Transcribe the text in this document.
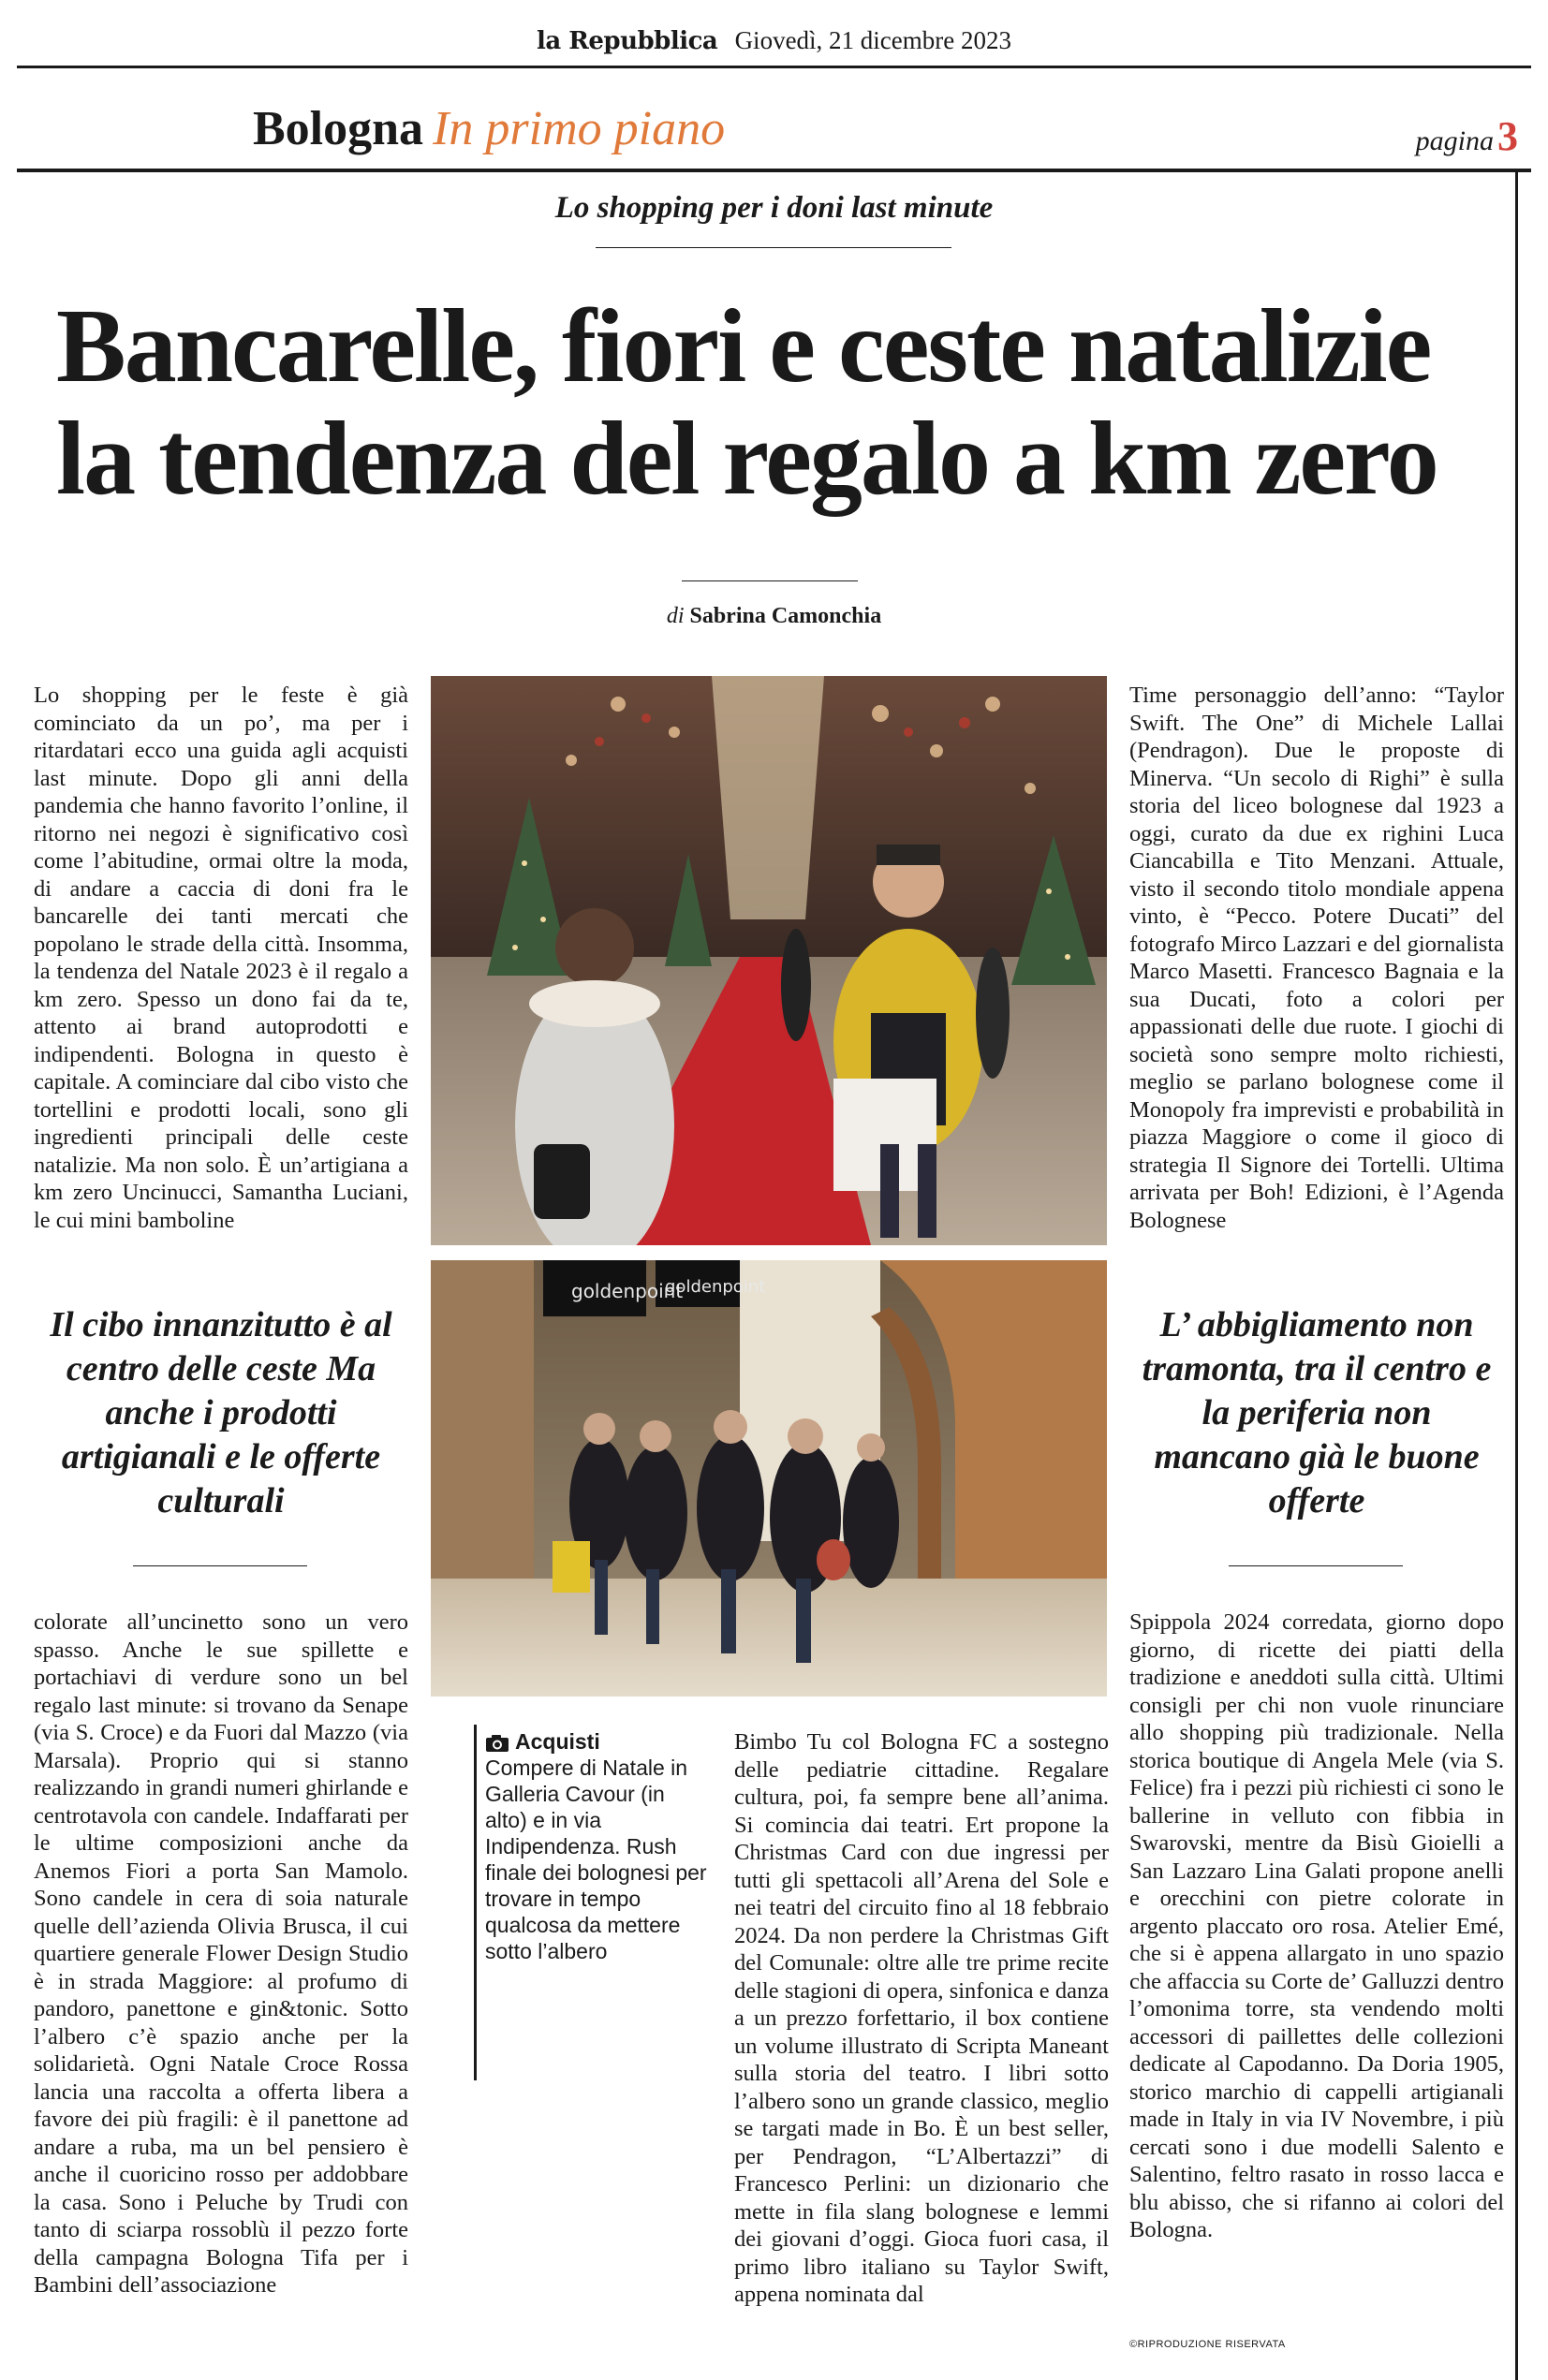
la Repubblica Giovedì, 21 dicembre 2023
Bologna In primo piano	pagina3
Lo shopping per i doni last minute
Bancarelle, fiori e ceste natalizie
la tendenza del regalo a km zero
di Sabrina Camonchia

Lo shopping per le feste è già cominciato da un po’, ma per i ritardatari ecco una guida agli acquisti last minute. Dopo gli anni della pandemia che hanno favorito l’online, il ritorno nei negozi è significativo così come l’abitudine, ormai oltre la moda, di andare a caccia di doni fra le bancarelle dei tanti mercati che popolano le strade della città. Insomma, la tendenza del Natale 2023 è il regalo a km zero. Spesso un dono fai da te, attento ai brand autoprodotti e indipendenti. Bologna in questo è capitale. A cominciare dal cibo visto che tortellini e prodotti locali, sono gli ingredienti principali delle ceste natalizie. Ma non solo. È un’artigiana a km zero Uncinucci, Samantha Luciani, le cui mini bamboline

Time personaggio dell’anno: “Taylor Swift. The One” di Michele Lallai (Pendragon). Due le proposte di Minerva. “Un secolo di Righi” è sulla storia del liceo bolognese dal 1923 a oggi, curato da due ex righini Luca Ciancabilla e Tito Menzani. Attuale, visto il secondo titolo mondiale appena vinto, è “Pecco. Potere Ducati” del fotografo Mirco Lazzari e del giornalista Marco Masetti. Francesco Bagnaia e la sua Ducati, foto a colori per appassionati delle due ruote. I giochi di società sono sempre molto richiesti, meglio se parlano bolognese come il Monopoly fra imprevisti e probabilità in piazza Maggiore o come il gioco di strategia Il Signore dei Tortelli. Ultima arrivata per Boh! Edizioni, è l’Agenda Bolognese

Il cibo innanzitutto è al centro delle ceste Ma anche i prodotti artigianali e le offerte culturali
goldenpoint
goldenpoint
L’ abbigliamento non tramonta, tra il centro e la periferia non mancano già le buone offerte

colorate all’uncinetto sono un vero spasso. Anche le sue spillette e portachiavi di verdure sono un bel regalo last minute: si trovano da Senape (via S. Croce) e da Fuori dal Mazzo (via Marsala). Proprio qui si stanno realizzando in grandi numeri ghirlande e centrotavola con candele. Indaffarati per le ultime composizioni anche da Anemos Fiori a porta San Mamolo. Sono candele in cera di soia naturale quelle dell’azienda Olivia Brusca, il cui quartiere generale Flower Design Studio è in strada Maggiore: al profumo di pandoro, panettone e gin&tonic. Sotto l’albero c’è spazio anche per la solidarietà. Ogni Natale Croce Rossa lancia una raccolta a offerta libera a favore dei più fragili: è il panettone ad andare a ruba, ma un bel pensiero è anche il cuoricino rosso per addobbare la casa. Sono i Peluche by Trudi con tanto di sciarpa rossoblù il pezzo forte della campagna Bologna Tifa per i Bambini dell’associazione

Acquisti
Compere di Natale in Galleria Cavour (in alto) e in via Indipendenza. Rush finale dei bolognesi per trovare in tempo qualcosa da mettere sotto l’albero

Bimbo Tu col Bologna FC a sostegno delle pediatrie cittadine. Regalare cultura, poi, fa sempre bene all’anima. Si comincia dai teatri. Ert propone la Christmas Card con due ingressi per tutti gli spettacoli all’Arena del Sole e nei teatri del circuito fino al 18 febbraio 2024. Da non perdere la Christmas Gift del Comunale: oltre alle tre prime recite delle stagioni di opera, sinfonica e danza a un prezzo forfettario, il box contiene un volume illustrato di Scripta Maneant sulla storia del teatro. I libri sotto l’albero sono un grande classico, meglio se targati made in Bo. È un best seller, per Pendragon, “L’Albertazzi” di Francesco Perlini: un dizionario che mette in fila slang bolognese e lemmi dei giovani d’oggi. Gioca fuori casa, il primo libro italiano su Taylor Swift, appena nominata dal

Spippola 2024 corredata, giorno dopo giorno, di ricette dei piatti della tradizione e aneddoti sulla città. Ultimi consigli per chi non vuole rinunciare allo shopping più tradizionale. Nella storica boutique di Angela Mele (via S. Felice) fra i pezzi più richiesti ci sono le ballerine in velluto con fibbia in Swarovski, mentre da Bisù Gioielli a San Lazzaro Lina Galati propone anelli e orecchini con pietre colorate in argento placcato oro rosa. Atelier Emé, che si è appena allargato in uno spazio che affaccia su Corte de’ Galluzzi dentro l’omonima torre, sta vendendo molti accessori di paillettes delle collezioni dedicate al Capodanno. Da Doria 1905, storico marchio di cappelli artigianali made in Italy in via IV Novembre, i più cercati sono i due modelli Salento e Salentino, feltro rasato in rosso lacca e blu abisso, che si rifanno ai colori del Bologna.

©RIPRODUZIONE RISERVATA
